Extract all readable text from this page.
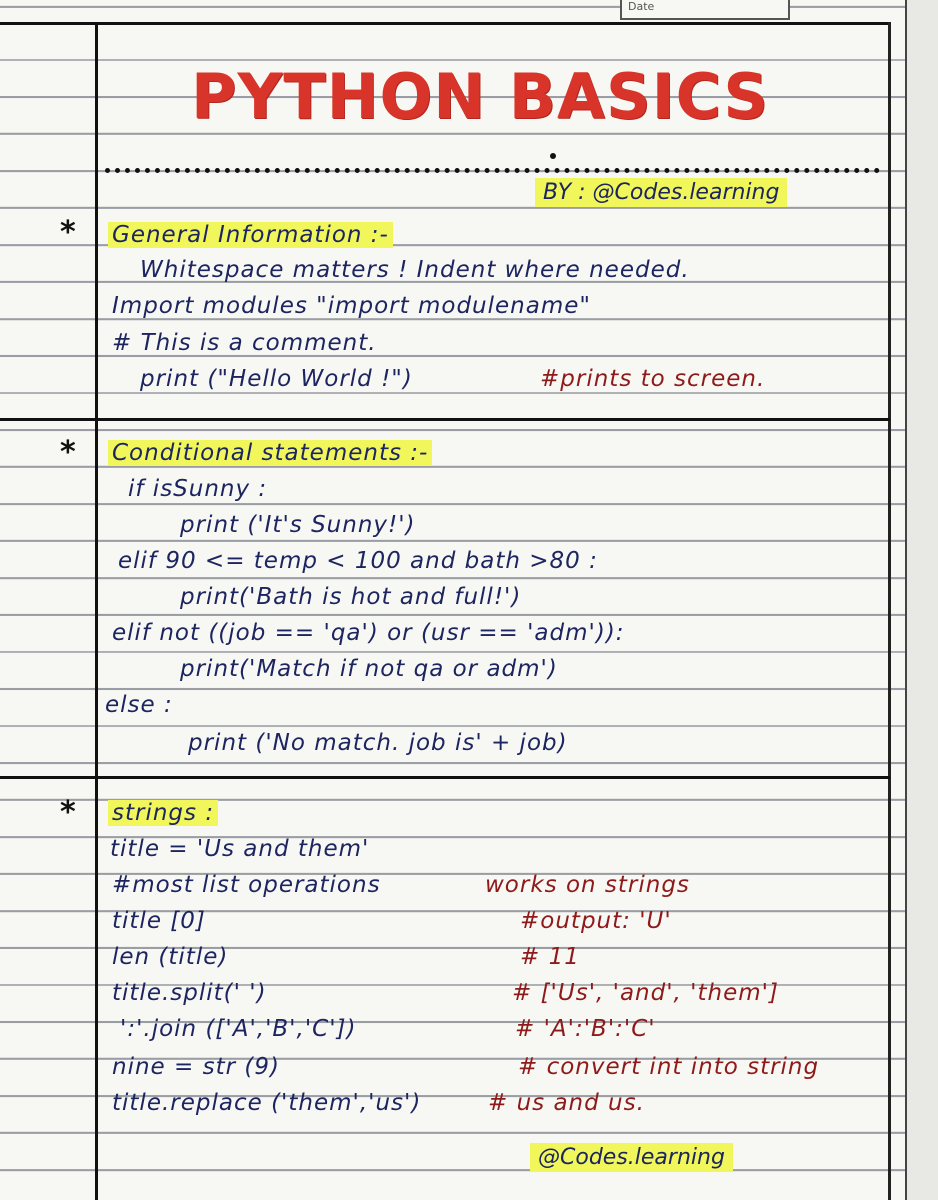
Date
PYTHON BASICS
BY : @Codes.learning
* General Information :-
Whitespace matters ! Indent where needed.
Import modules "import modulename"
# This is a comment.
print ("Hello World !")	#prints to screen.
* Conditional statements :-
if isSunny :
print ('It's Sunny!')
elif 90 <= temp < 100 and bath >80 :
print('Bath is hot and full!')
elif not ((job == 'qa') or (usr == 'adm')):
print('Match if not qa or adm')
else :
print ('No match. job is' + job)
* strings :
title = 'Us and them'
#most list operations	works on strings
title [0]	#output: 'U'
len (title)	# 11
title.split(' ')	# ['Us', 'and', 'them']
':'.join (['A','B','C'])	# 'A':'B':'C'
nine = str (9)	# convert int into string
title.replace ('them','us')	# us and us.
@Codes.learning
